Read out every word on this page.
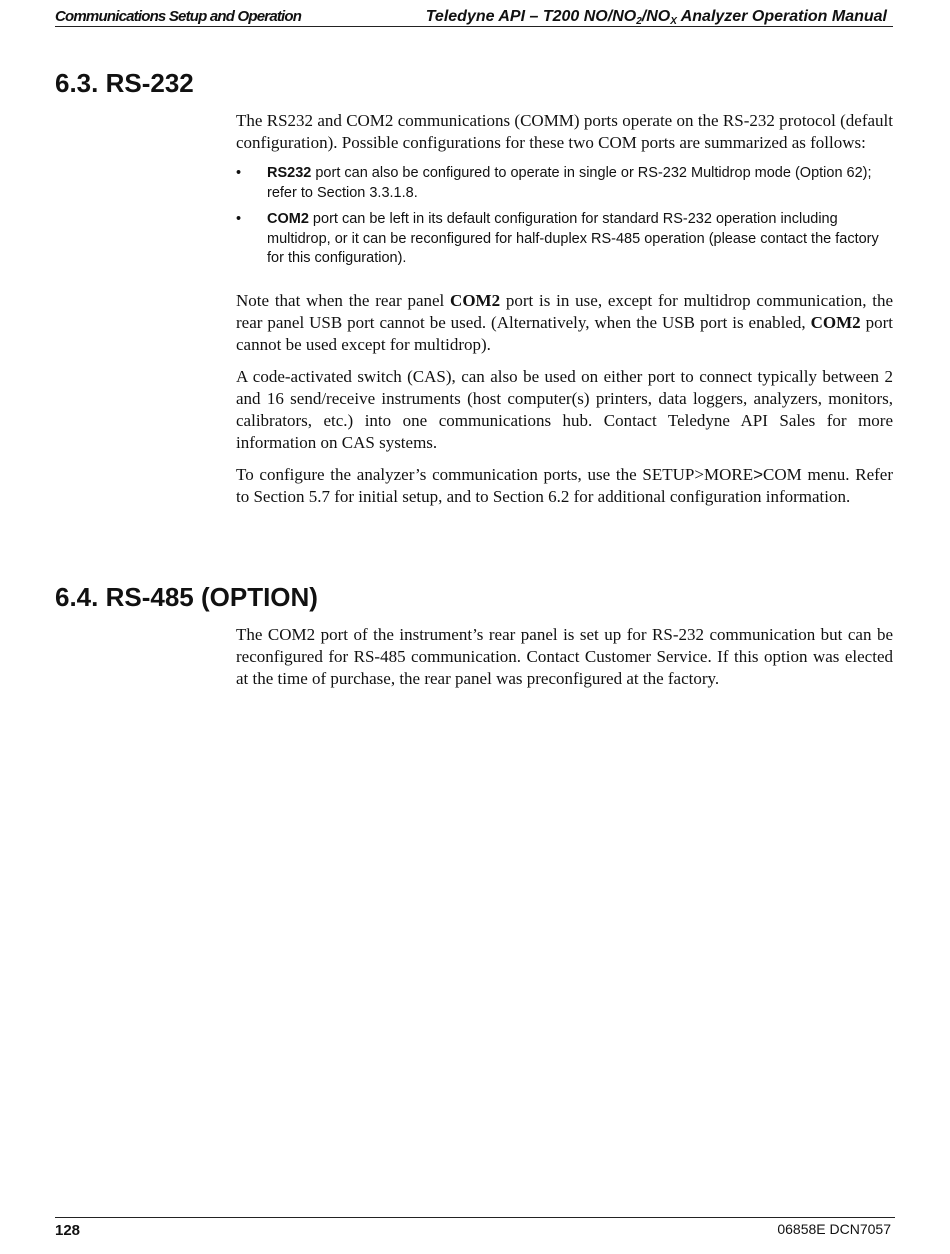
Communications Setup and Operation	Teledyne API – T200 $NO/NO_2/NO_X$ Analyzer Operation Manual
6.3. RS-232

The RS232 and COM2 communications (COMM) ports operate on the RS-232 protocol (default configuration). Possible configurations for these two COM ports are summarized as follows:

• RS232 port can also be configured to operate in single or RS-232 Multidrop mode (Option 62); refer to Section 3.3.1.8.
• COM2 port can be left in its default configuration for standard RS-232 operation including multidrop, or it can be reconfigured for half-duplex RS-485 operation (please contact the factory for this configuration).

Note that when the rear panel COM2 port is in use, except for multidrop communication, the rear panel USB port cannot be used. (Alternatively, when the USB port is enabled, COM2 port cannot be used except for multidrop).

A code-activated switch (CAS), can also be used on either port to connect typically between 2 and 16 send/receive instruments (host computer(s) printers, data loggers, analyzers, monitors, calibrators, etc.) into one communications hub. Contact Teledyne API Sales for more information on CAS systems.

To configure the analyzer’s communication ports, use the SETUP>MORE>COM menu. Refer to Section 5.7 for initial setup, and to Section 6.2 for additional configuration information.

6.4. RS-485 (OPTION)

The COM2 port of the instrument’s rear panel is set up for RS-232 communication but can be reconfigured for RS-485 communication. Contact Customer Service. If this option was elected at the time of purchase, the rear panel was preconfigured at the factory.

128	06858E DCN7057
